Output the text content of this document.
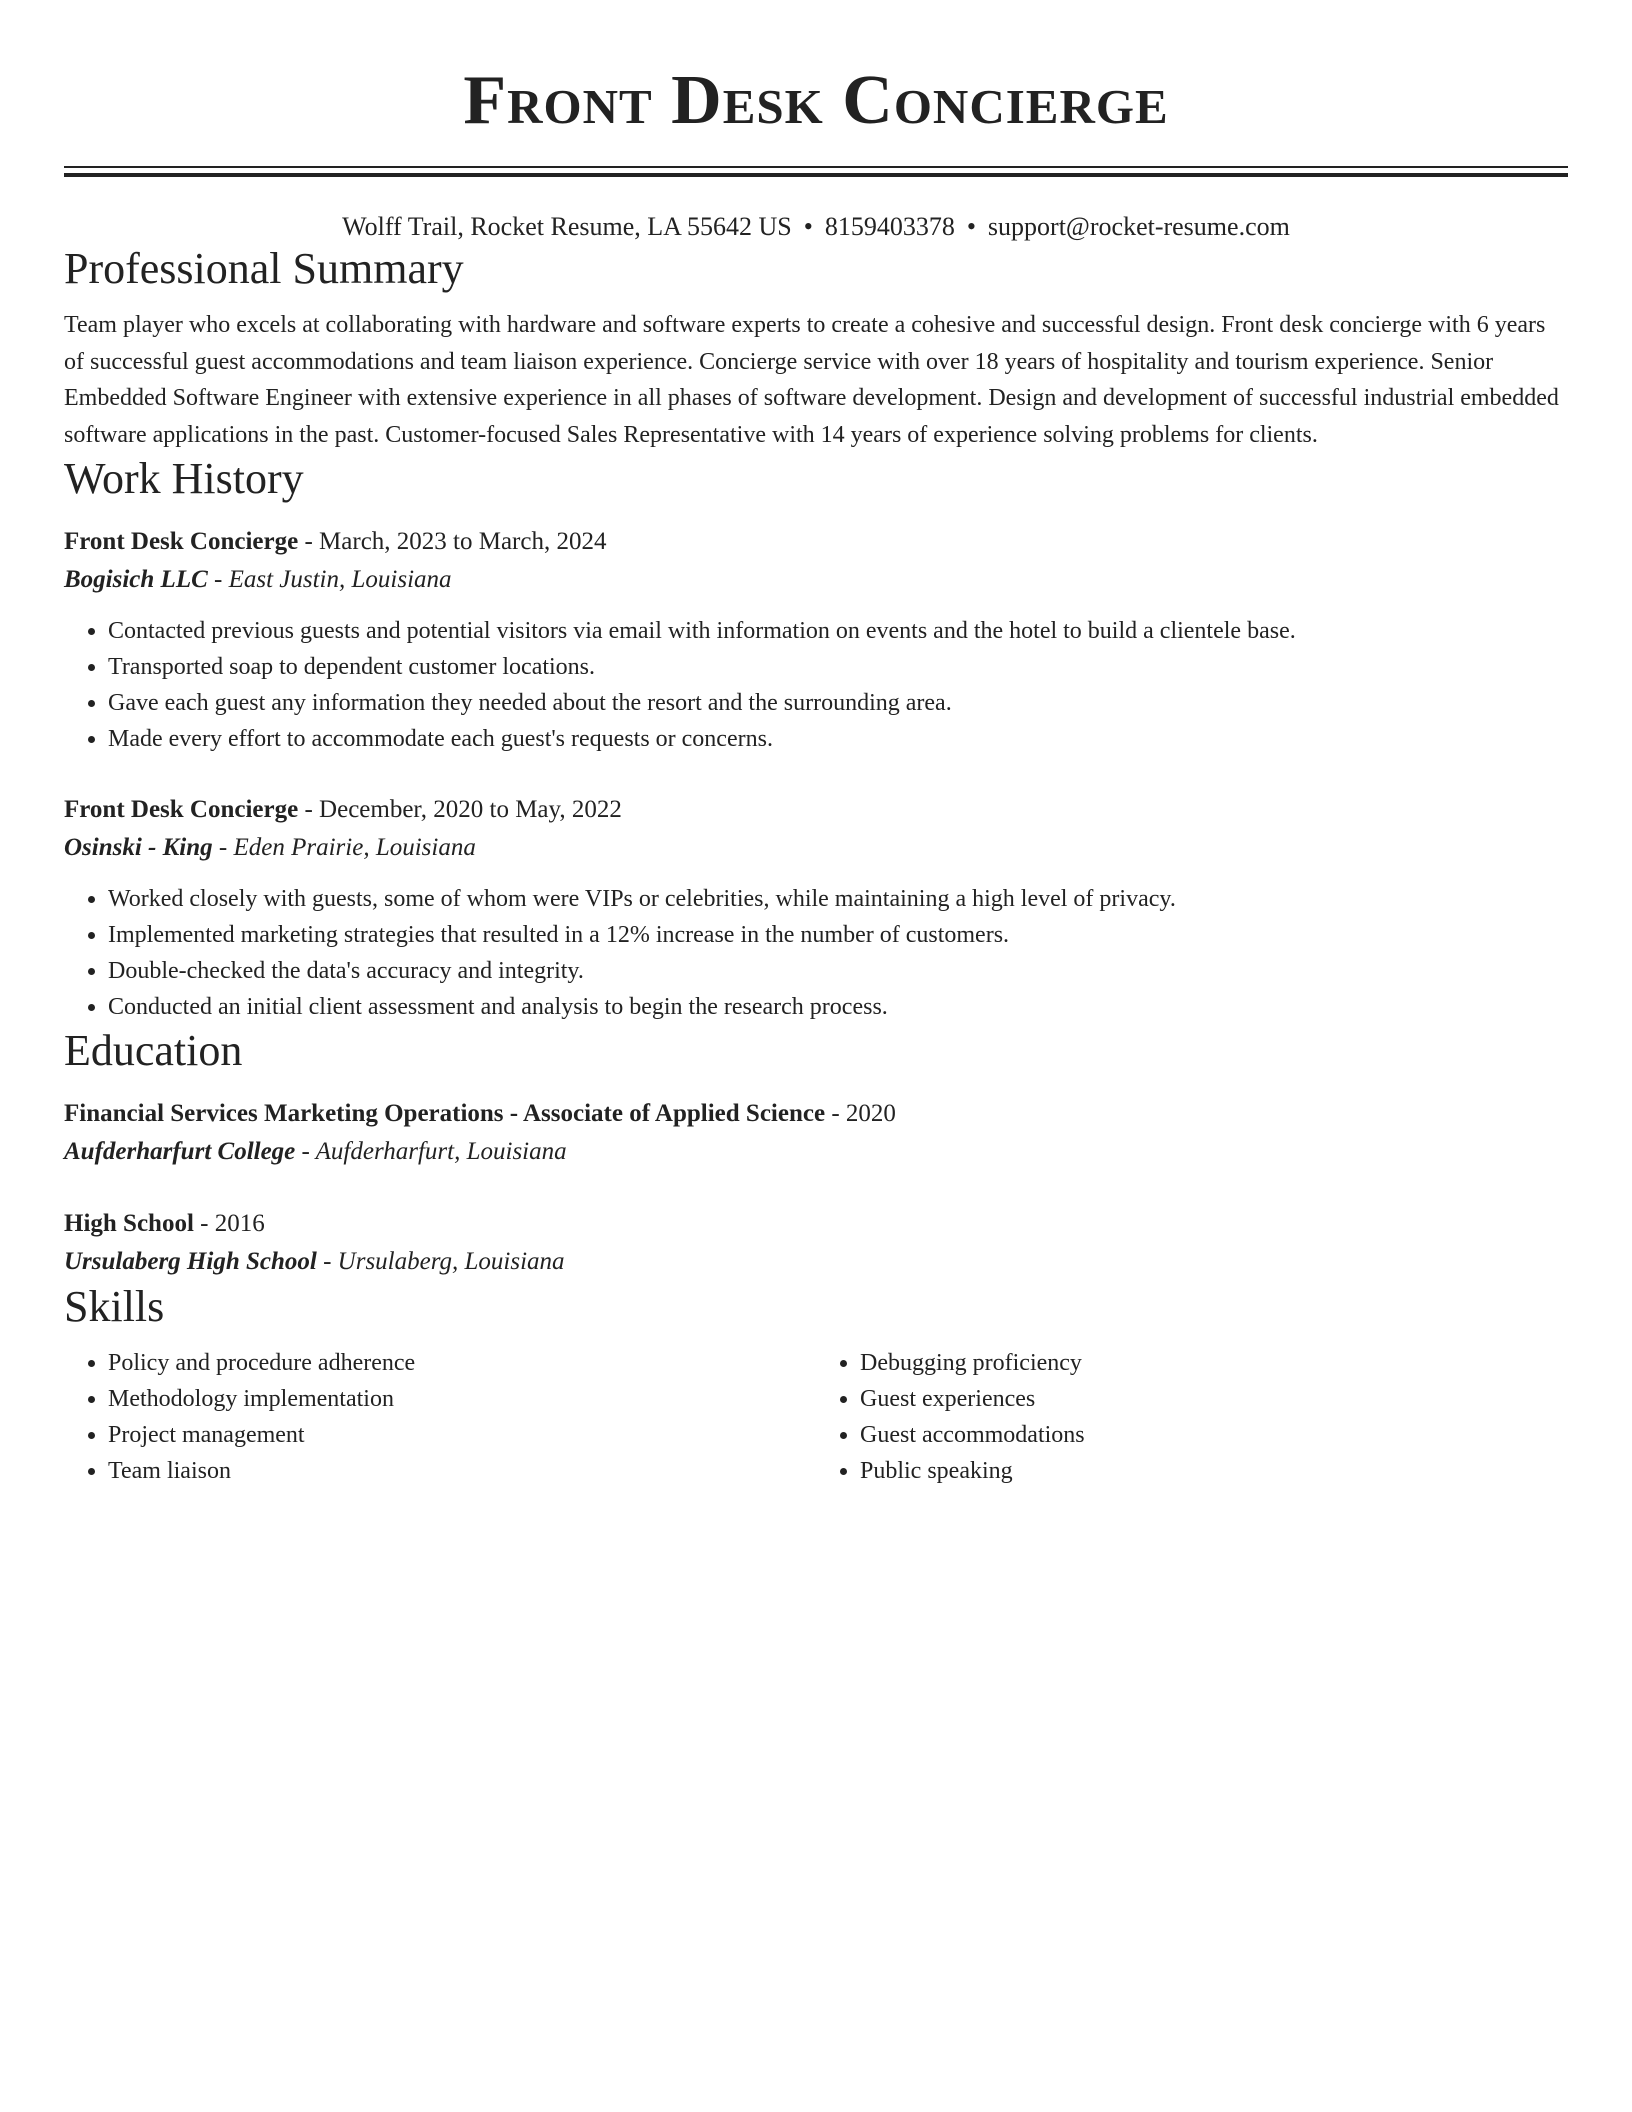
Front Desk Concierge
Wolff Trail, Rocket Resume, LA 55642 US • 8159403378 • support@rocket-resume.com
Professional Summary

Team player who excels at collaborating with hardware and software experts to create a cohesive and successful design. Front desk concierge with 6 years of successful guest accommodations and team liaison experience. Concierge service with over 18 years of hospitality and tourism experience. Senior Embedded Software Engineer with extensive experience in all phases of software development. Design and development of successful industrial embedded software applications in the past. Customer-focused Sales Representative with 14 years of experience solving problems for clients.

Work History
Front Desk Concierge - March, 2023 to March, 2024
Bogisich LLC - East Justin, Louisiana
• Contacted previous guests and potential visitors via email with information on events and the hotel to build a clientele base.
• Transported soap to dependent customer locations.
• Gave each guest any information they needed about the resort and the surrounding area.
• Made every effort to accommodate each guest's requests or concerns.
Front Desk Concierge - December, 2020 to May, 2022
Osinski - King - Eden Prairie, Louisiana
• Worked closely with guests, some of whom were VIPs or celebrities, while maintaining a high level of privacy.
• Implemented marketing strategies that resulted in a 12% increase in the number of customers.
• Double-checked the data's accuracy and integrity.
• Conducted an initial client assessment and analysis to begin the research process.
Education
Financial Services Marketing Operations - Associate of Applied Science - 2020
Aufderharfurt College - Aufderharfurt, Louisiana
High School - 2016
Ursulaberg High School - Ursulaberg, Louisiana
Skills
• Policy and procedure adherence
• Methodology implementation
• Project management
• Team liaison
• Debugging proficiency
• Guest experiences
• Guest accommodations
• Public speaking
